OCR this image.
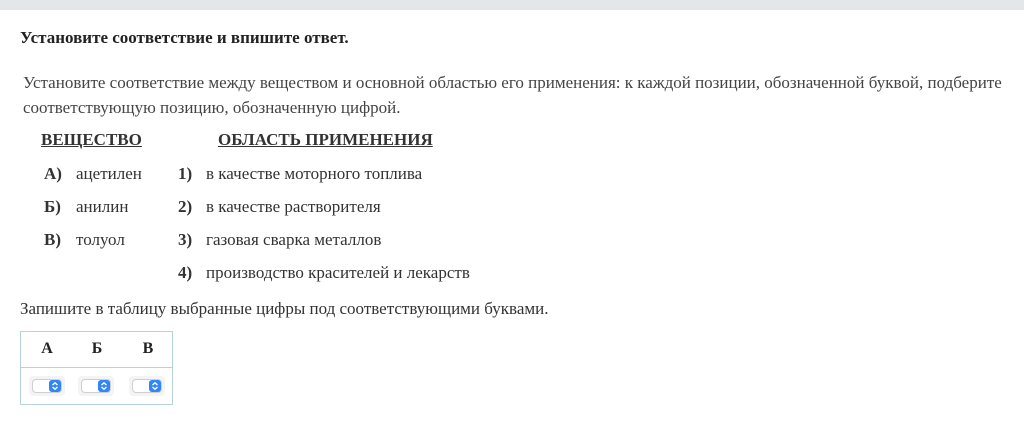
Установите соответствие и впишите ответ.
Установите соответствие между веществом и основной областью его применения: к каждой позиции, обозначенной буквой, подберите соответствующую позицию, обозначенную цифрой.
ВЕЩЕСТВО	ОБЛАСТЬ ПРИМЕНЕНИЯ
А) ацетилен
Б) анилин
В) толуол
1) в качестве моторного топлива
2) в качестве растворителя
3) газовая сварка металлов
4) производство красителей и лекарств
Запишите в таблицу выбранные цифры под соответствующими буквами.
А	Б	В
